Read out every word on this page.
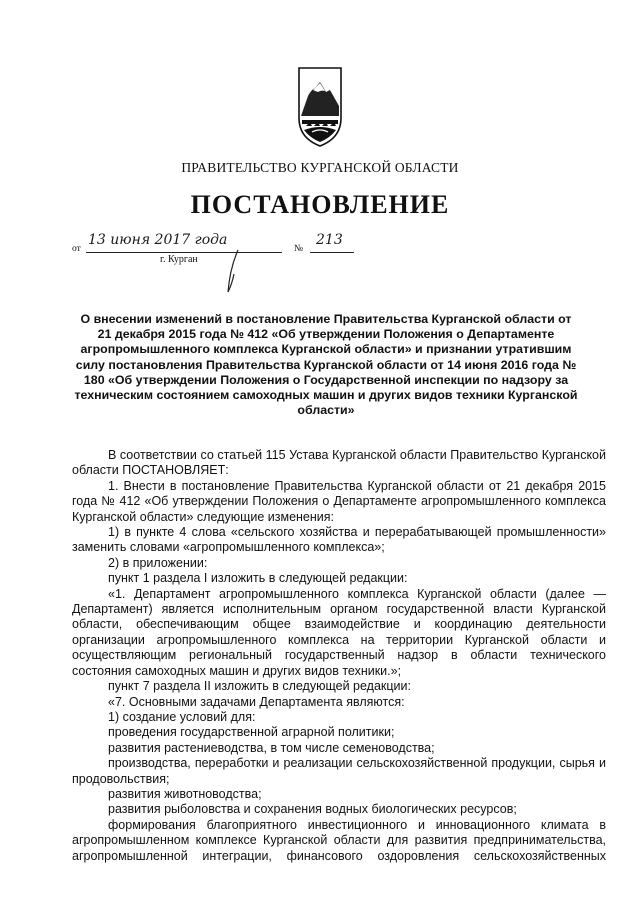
ПРАВИТЕЛЬСТВО КУРГАНСКОЙ ОБЛАСТИ
ПОСТАНОВЛЕНИЕ
от
13 июня 2017 года
№
213
г. Курган
О внесении изменений в постановление Правительства Курганской области от 21 декабря 2015 года № 412 «Об утверждении Положения о Департаменте агропромышленного комплекса Курганской области» и признании утратившим силу постановления Правительства Курганской области от 14 июня 2016 года № 180 «Об утверждении Положения о Государственной инспекции по надзору за техническим состоянием самоходных машин и других видов техники Курганской области»

В соответствии со статьей 115 Устава Курганской области Правительство Курганской области ПОСТАНОВЛЯЕТ:

1. Внести в постановление Правительства Курганской области от 21 декабря 2015 года № 412 «Об утверждении Положения о Департаменте агропромышленного комплекса Курганской области» следующие изменения:

1) в пункте 4 слова «сельского хозяйства и перерабатывающей промышленности» заменить словами «агропромышленного комплекса»;

2) в приложении:

пункт 1 раздела I изложить в следующей редакции:

«1. Департамент агропромышленного комплекса Курганской области (далее — Департамент) является исполнительным органом государственной власти Курганской области, обеспечивающим общее взаимодействие и координацию деятельности организации агропромышленного комплекса на территории Курганской области и осуществляющим региональный государственный надзор в области технического состояния самоходных машин и других видов техники.»;

пункт 7 раздела II изложить в следующей редакции:

«7. Основными задачами Департамента являются:

1) создание условий для:

проведения государственной аграрной политики;

развития растениеводства, в том числе семеноводства;

производства, переработки и реализации сельскохозяйственной продукции, сырья и продовольствия;

развития животноводства;

развития рыболовства и сохранения водных биологических ресурсов;

формирования благоприятного инвестиционного и инновационного климата в агропромышленном комплексе Курганской области для развития предпринимательства, агропромышленной интеграции, финансового оздоровления сельскохозяйственных
